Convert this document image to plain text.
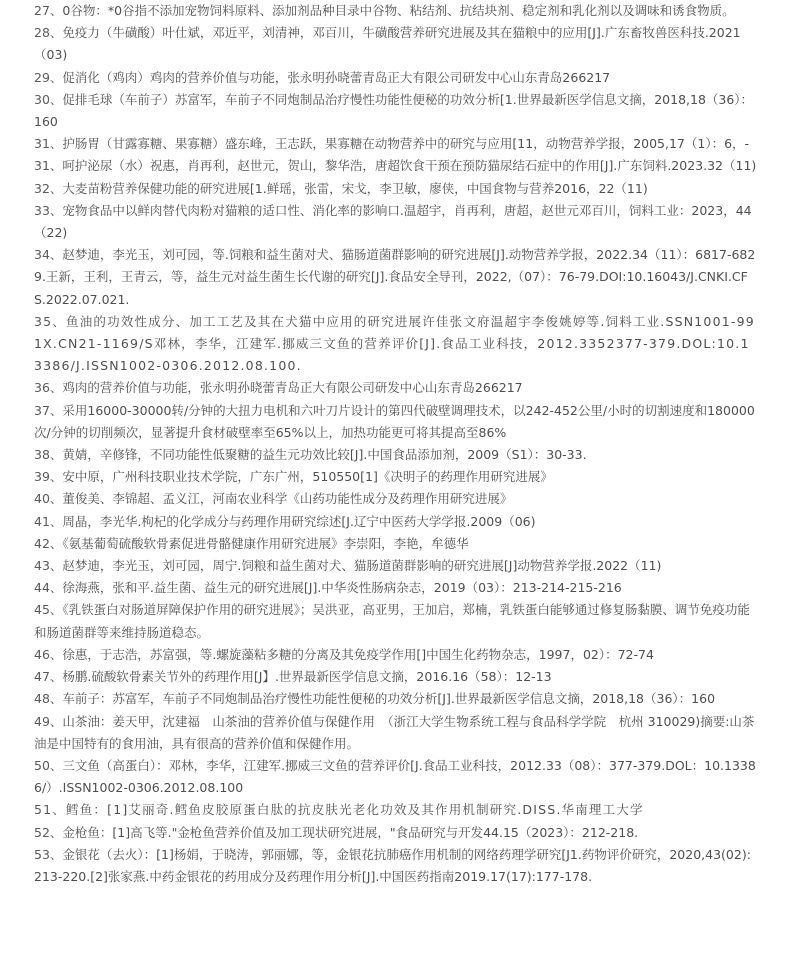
27、0谷物：*0谷指不添加宠物饲料原料、添加剂品种目录中谷物、粘结剂、抗结块剂、稳定剂和乳化剂以及调味和诱食物质。

28、免疫力（牛磺酸）叶仕斌，邓近平，刘清神，邓百川，牛磺酸营养研究进展及其在猫粮中的应用[J].广东畜牧兽医科技.2021（03)

29、促消化（鸡肉）鸡肉的营养价值与功能，张永明孙晓蕾青岛正大有限公司研发中心山东青岛266217

30、促排毛球（车前子）苏富军，车前子不同炮制品治疗慢性功能性便秘的功效分析[1.世界最新医学信息文摘，2018,18（36）：160

31、护肠胃（甘露寡糖、果寡糖）盛东峰，王志跃，果寡糖在动物营养中的研究与应用[11，动物营养学报，2005,17（1）：6，-

31、呵护泌尿（水）祝惠，肖再利，赵世元，贺山，黎华浩，唐超饮食干预在预防猫尿结石症中的作用[J].广东饲料.2023.32（11)

32、大麦苗粉营养保健功能的研究进展[1.鲜瑶，张雷，宋戈，李卫敏，廖侠，中国食物与营养2016，22（11)

33、宠物食品中以鲜肉替代肉粉对猫粮的适口性、消化率的影响口.温超宇，肖再利，唐超，赵世元邓百川，饲料工业：2023，44（22)

34、赵梦迪，李光玉，刘可园，等.饲粮和益生菌对犬、猫肠道菌群影响的研究进展[J].动物营养学报，2022.34（11）：6817-6829.王新，王利，王青云，等，益生元对益生菌生长代谢的研究[J].食品安全导刊，2022,（07）：76-79.DOI:10.16043/J.CNKI.CFS.2022.07.021.

35、鱼油的功效性成分、加工工艺及其在犬猫中应用的研究进展许佳张文府温超宇李俊姚婷等.饲料工业.SSN1001-991X.CN21-1169/S邓林，李华，江建军.挪威三文鱼的营养评价[J].食品工业科技，2012.3352377-379.DOL:10.13386/J.ISSN1002-0306.2012.08.100.

36、鸡肉的营养价值与功能，张永明孙晓蕾青岛正大有限公司研发中心山东青岛266217

37、采用16000-30000转/分钟的大扭力电机和六叶刀片设计的第四代破壁调理技术，以242-452公里/小时的切割速度和180000次/分钟的切削频次，显著提升食材破壁率至65%以上，加热功能更可将其提高至86%

38、黄婧，辛修锋，不同功能性低聚糖的益生元功效比较[J].中国食品添加剂，2009（S1）：30-33.

39、安中原，广州科技职业技术学院，广东广州，510550[1]《决明子的药理作用研究进展》

40、董俊美、李锦超、孟义江，河南农业科学《山药功能性成分及药理作用研究进展》

41、周晶，李光华.枸杞的化学成分与药理作用研究综述[J.辽宁中医药大学学报.2009（06)

42、《氨基葡萄硫酸软骨素促进骨骼健康作用研究进展》李崇阳，李艳，牟德华

43、赵梦迪，李光玉，刘可园，周宁.饲粮和益生菌对犬、猫肠道菌群影响的研究进展[J]动物营养学报.2022（11)

44、徐海燕，张和平.益生菌、益生元的研究进展[J].中华炎性肠病杂志，2019（03）：213-214-215-216

45、《乳铁蛋白对肠道屏障保护作用的研究进展》；吴洪亚，高亚男，王加启，郑楠，乳铁蛋白能够通过修复肠黏膜、调节免疫功能和肠道菌群等来维持肠道稳态。

46、徐惠，于志浩，苏富强，等.螺旋藻粘多糖的分离及其免疫学作用[]中国生化药物杂志，1997，02）：72-74

47、杨鹏.硫酸软骨素关节外的药理作用[J】.世界最新医学信息文摘，2016.16（58）：12-13

48、车前子：苏富军，车前子不同炮制品治疗慢性功能性便秘的功效分析[J].世界最新医学信息文摘，2018,18（36）：160

49、山茶油：姜天甲，沈建福　山茶油的营养价值与保健作用　（浙江大学生物系统工程与食品科学学院　杭州 310029)摘要:山茶油是中国特有的食用油，具有很高的营养价值和保健作用。

50、三文鱼（高蛋白）：邓林，李华，江建军.挪威三文鱼的营养评价[J.食品工业科技，2012.33（08）：377-379.DOL：10.13386/）.ISSN1002-0306.2012.08.100

51、鳕鱼：[1]艾丽奇.鳕鱼皮胶原蛋白肽的抗皮肤光老化功效及其作用机制研究.DISS.华南理工大学

52、金枪鱼：[1]高飞等."金枪鱼营养价值及加工现状研究进展，"食品研究与开发44.15（2023）：212-218.

53、金银花（去火）：[1]杨娟，于晓涛，郭丽娜，等，金银花抗肺癌作用机制的网络药理学研究[J1.药物评价研究，2020,43(02):213-220.[2]张家燕.中药金银花的药用成分及药理作用分析[J].中国医药指南2019.17(17):177-178.
